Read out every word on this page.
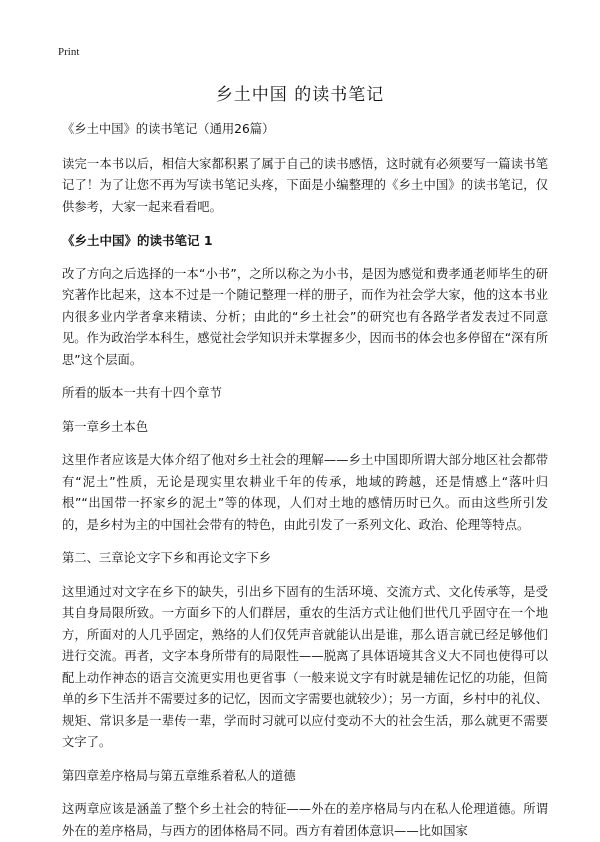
Print
乡土中国 的读书笔记

《乡土中国》的读书笔记（通用26篇）

读完一本书以后，相信大家都积累了属于自己的读书感悟，这时就有必须要写一篇读书笔记了！为了让您不再为写读书笔记头疼，下面是小编整理的《乡土中国》的读书笔记，仅供参考，大家一起来看看吧。

《乡土中国》的读书笔记 1

改了方向之后选择的一本“小书”，之所以称之为小书，是因为感觉和费孝通老师毕生的研究著作比起来，这本不过是一个随记整理一样的册子，而作为社会学大家，他的这本书业内很多业内学者拿来精读、分析；由此的“乡土社会”的研究也有各路学者发表过不同意见。作为政治学本科生，感觉社会学知识并未掌握多少，因而书的体会也多停留在“深有所思”这个层面。

所看的版本一共有十四个章节

第一章乡土本色

这里作者应该是大体介绍了他对乡土社会的理解——乡土中国即所谓大部分地区社会都带有“泥土”性质，无论是现实里农耕业千年的传承，地域的跨越，还是情感上“落叶归根”“出国带一抔家乡的泥土”等的体现，人们对土地的感情历时已久。而由这些所引发的，是乡村为主的中国社会带有的特色，由此引发了一系列文化、政治、伦理等特点。

第二、三章论文字下乡和再论文字下乡

这里通过对文字在乡下的缺失，引出乡下固有的生活环境、交流方式、文化传承等，是受其自身局限所致。一方面乡下的人们群居，重农的生活方式让他们世代几乎固守在一个地方，所面对的人几乎固定，熟络的人们仅凭声音就能认出是谁，那么语言就已经足够他们进行交流。再者，文字本身所带有的局限性——脱离了具体语境其含义大不同也使得可以配上动作神态的语言交流更实用也更省事（一般来说文字有时就是辅佐记忆的功能，但简单的乡下生活并不需要过多的记忆，因而文字需要也就较少）；另一方面，乡村中的礼仪、规矩、常识多是一辈传一辈，学而时习就可以应付变动不大的社会生活，那么就更不需要文字了。

第四章差序格局与第五章维系着私人的道德

这两章应该是涵盖了整个乡土社会的特征——外在的差序格局与内在私人伦理道德。所谓外在的差序格局，与西方的团体格局不同。西方有着团体意识——比如国家
